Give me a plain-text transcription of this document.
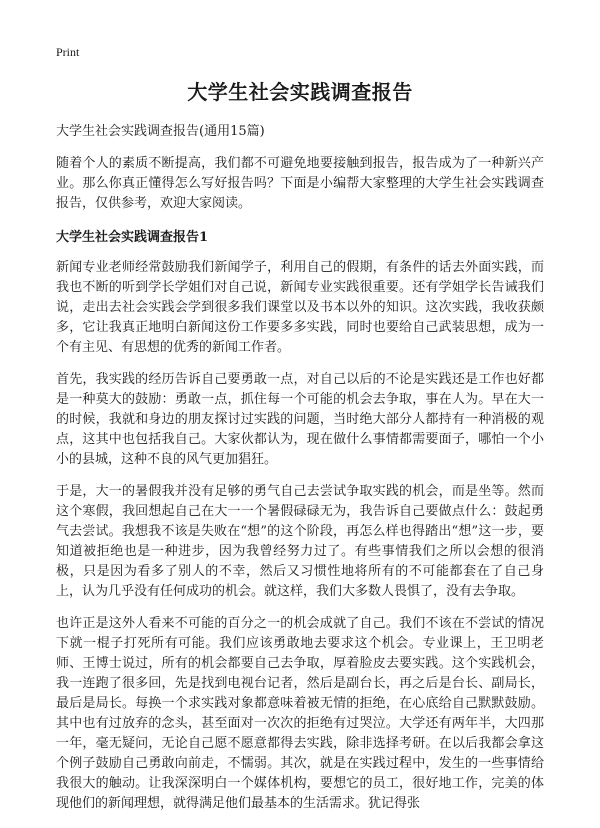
Print
大学生社会实践调查报告

大学生社会实践调查报告(通用15篇)

随着个人的素质不断提高，我们都不可避免地要接触到报告，报告成为了一种新兴产业。那么你真正懂得怎么写好报告吗？下面是小编帮大家整理的大学生社会实践调查报告，仅供参考，欢迎大家阅读。

大学生社会实践调查报告1

新闻专业老师经常鼓励我们新闻学子，利用自己的假期，有条件的话去外面实践，而我也不断的听到学长学姐们对自己说，新闻专业实践很重要。还有学姐学长告诫我们说，走出去社会实践会学到很多我们课堂以及书本以外的知识。这次实践，我收获颇多，它让我真正地明白新闻这份工作要多多实践，同时也要给自己武装思想，成为一个有主见、有思想的优秀的新闻工作者。

首先，我实践的经历告诉自己要勇敢一点，对自己以后的不论是实践还是工作也好都是一种莫大的鼓励：勇敢一点，抓住每一个可能的机会去争取，事在人为。早在大一的时候，我就和身边的朋友探讨过实践的问题，当时绝大部分人都持有一种消极的观点，这其中也包括我自己。大家伙都认为，现在做什么事情都需要面子，哪怕一个小小的县城，这种不良的风气更加猖狂。

于是，大一的暑假我并没有足够的勇气自己去尝试争取实践的机会，而是坐等。然而这个寒假，我回想起自己在大一一个暑假碌碌无为，我告诉自己要做点什么：鼓起勇气去尝试。我想我不该是失败在“想”的这个阶段，再怎么样也得踏出“想”这一步，要知道被拒绝也是一种进步，因为我曾经努力过了。有些事情我们之所以会想的很消极，只是因为看多了别人的不幸，然后又习惯性地将所有的不可能都套在了自己身上，认为几乎没有任何成功的机会。就这样，我们大多数人畏惧了，没有去争取。

也许正是这外人看来不可能的百分之一的机会成就了自己。我们不该在不尝试的情况下就一棍子打死所有可能。我们应该勇敢地去要求这个机会。专业课上，王卫明老师、王博士说过，所有的机会都要自己去争取，厚着脸皮去要实践。这个实践机会，我一连跑了很多回，先是找到电视台记者，然后是副台长，再之后是台长、副局长，最后是局长。每换一个求实践对象都意味着被无情的拒绝，在心底给自己默默鼓励。其中也有过放弃的念头，甚至面对一次次的拒绝有过哭泣。大学还有两年半，大四那一年，毫无疑问，无论自己愿不愿意都得去实践，除非选择考研。在以后我都会拿这个例子鼓励自己勇敢向前走，不懦弱。其次，就是在实践过程中，发生的一些事情给我很大的触动。让我深深明白一个媒体机构，要想它的员工，很好地工作，完美的体现他们的新闻理想，就得满足他们最基本的生活需求。犹记得张
